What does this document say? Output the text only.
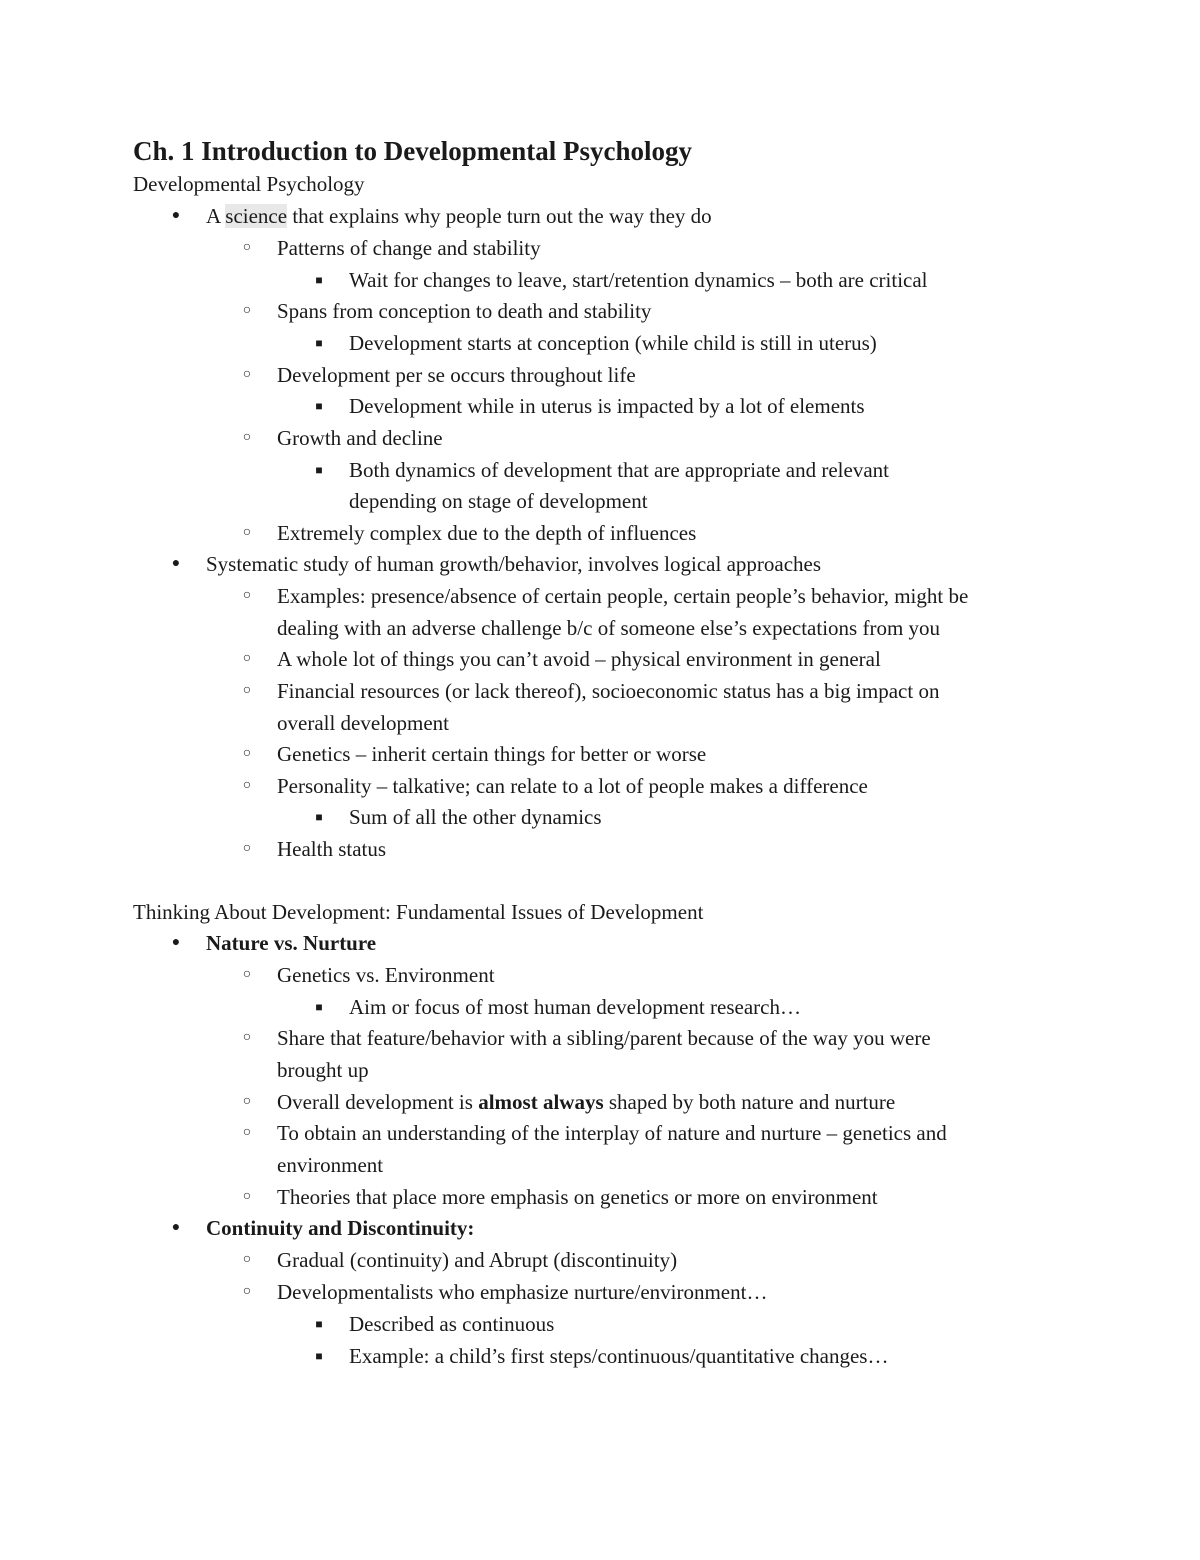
Ch. 1 Introduction to Developmental Psychology
Developmental Psychology
● A science that explains why people turn out the way they do
○ Patterns of change and stability
■	Wait for changes to leave, start/retention dynamics – both are critical
○ Spans from conception to death and stability
■	Development starts at conception (while child is still in uterus)
○ Development per se occurs throughout life
■	Development while in uterus is impacted by a lot of elements
○ Growth and decline
■	Both dynamics of development that are appropriate and relevant
depending on stage of development
○ Extremely complex due to the depth of influences
● Systematic study of human growth/behavior, involves logical approaches
○ Examples: presence/absence of certain people, certain people’s behavior, might be
dealing with an adverse challenge b/c of someone else’s expectations from you
○ A whole lot of things you can’t avoid – physical environment in general
○ Financial resources (or lack thereof), socioeconomic status has a big impact on
overall development
○ Genetics – inherit certain things for better or worse
○ Personality – talkative; can relate to a lot of people makes a difference
■	Sum of all the other dynamics
○ Health status
Thinking About Development: Fundamental Issues of Development
● Nature vs. Nurture
○ Genetics vs. Environment
■	Aim or focus of most human development research…
○ Share that feature/behavior with a sibling/parent because of the way you were
brought up
○ Overall development is almost always shaped by both nature and nurture
○ To obtain an understanding of the interplay of nature and nurture – genetics and
environment
○ Theories that place more emphasis on genetics or more on environment
● Continuity and Discontinuity:
○ Gradual (continuity) and Abrupt (discontinuity)
○ Developmentalists who emphasize nurture/environment…
■	Described as continuous
■	Example: a child’s first steps/continuous/quantitative changes…
